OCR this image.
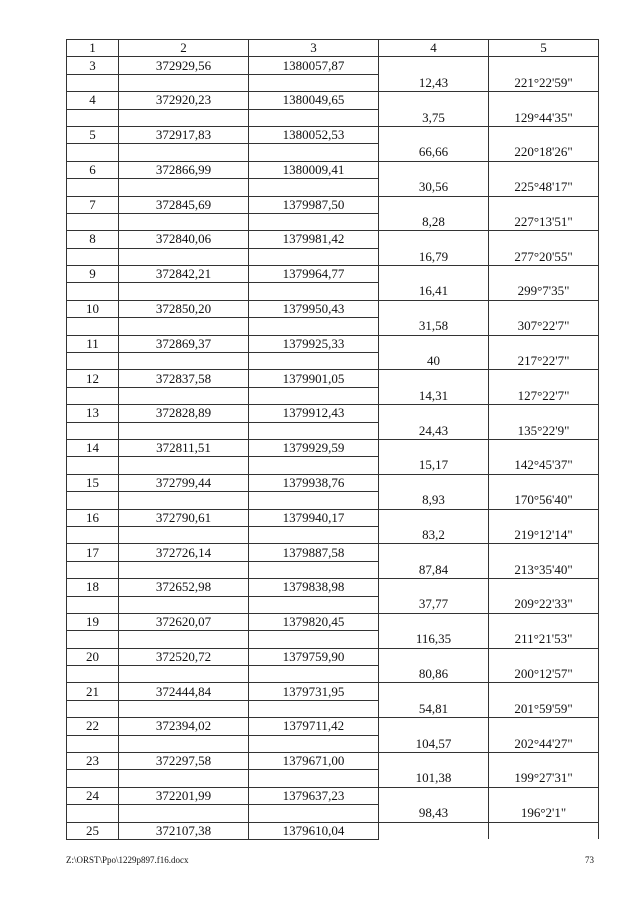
1	2	3	4	5
3	372929,56	1380057,87		
			12,43	221°22'59"
4	372920,23	1380049,65		
			3,75	129°44'35"
5	372917,83	1380052,53		
			66,66	220°18'26"
6	372866,99	1380009,41		
			30,56	225°48'17"
7	372845,69	1379987,50		
			8,28	227°13'51"
8	372840,06	1379981,42		
			16,79	277°20'55"
9	372842,21	1379964,77		
			16,41	299°7'35"
10	372850,20	1379950,43		
			31,58	307°22'7"
11	372869,37	1379925,33		
			40	217°22'7"
12	372837,58	1379901,05		
			14,31	127°22'7"
13	372828,89	1379912,43		
			24,43	135°22'9"
14	372811,51	1379929,59		
			15,17	142°45'37"
15	372799,44	1379938,76		
			8,93	170°56'40"
16	372790,61	1379940,17		
			83,2	219°12'14"
17	372726,14	1379887,58		
			87,84	213°35'40"
18	372652,98	1379838,98		
			37,77	209°22'33"
19	372620,07	1379820,45		
			116,35	211°21'53"
20	372520,72	1379759,90		
			80,86	200°12'57"
21	372444,84	1379731,95		
			54,81	201°59'59"
22	372394,02	1379711,42		
			104,57	202°44'27"
23	372297,58	1379671,00		
			101,38	199°27'31"
24	372201,99	1379637,23		
			98,43	196°2'1"
25	372107,38	1379610,04		
Z:\ORST\Ppo\1229p897.f16.docx	73
